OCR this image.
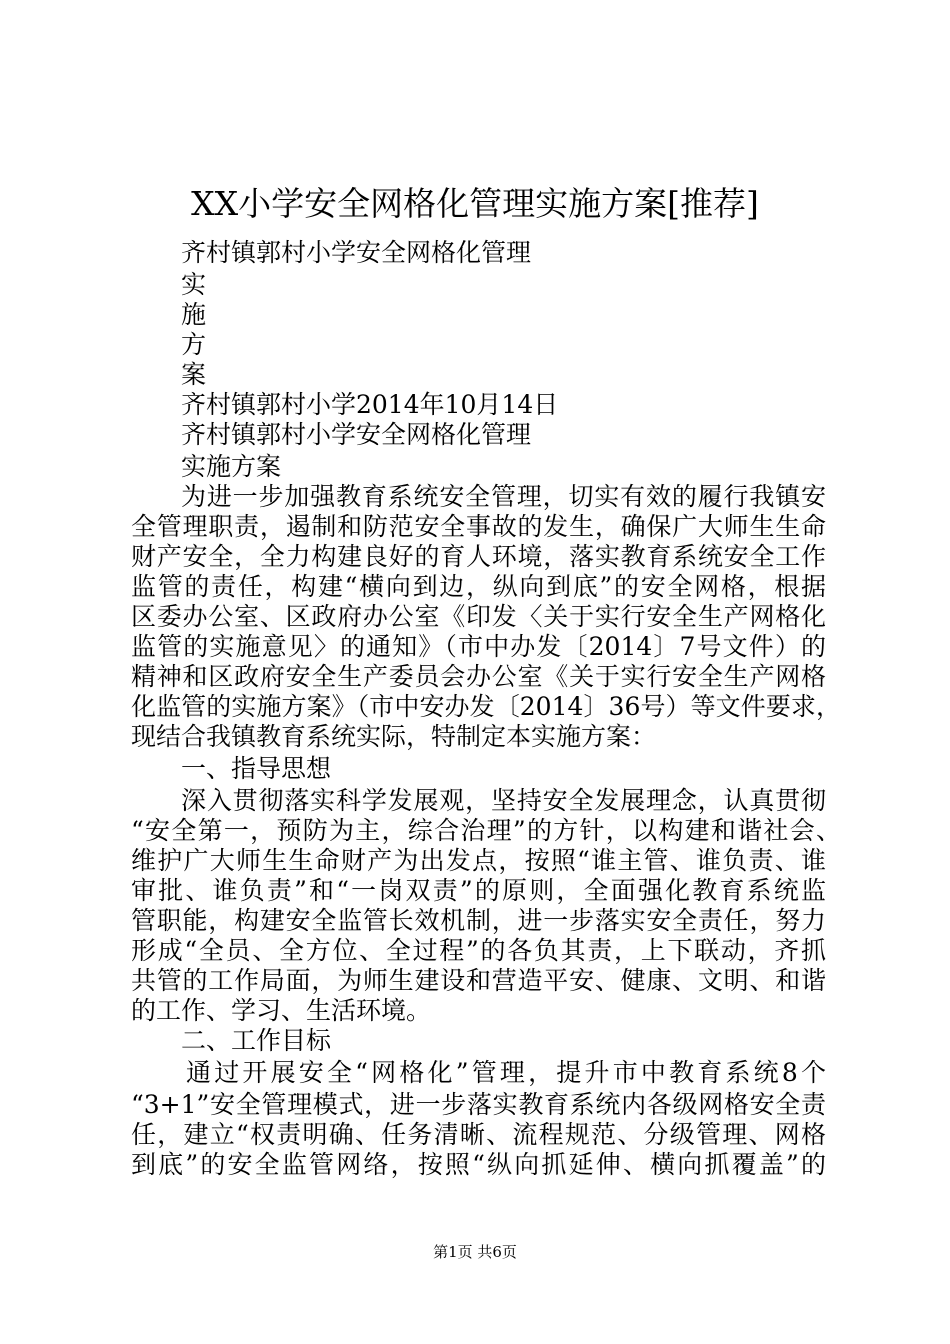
XX小学安全网格化管理实施方案[推荐]
齐村镇郭村小学安全网格化管理
实
施
方
案
齐村镇郭村小学2014年10月14日
齐村镇郭村小学安全网格化管理
实施方案
为进一步加强教育系统安全管理，切实有效的履行我镇安
全管理职责，遏制和防范安全事故的发生，确保广大师生生命
财产安全，全力构建良好的育人环境，落实教育系统安全工作
监管的责任，构建“横向到边，纵向到底”的安全网格，根据
区委办公室、区政府办公室《印发〈关于实行安全生产网格化
监管的实施意见〉的通知》（市中办发〔2014〕7号文件）的
精神和区政府安全生产委员会办公室《关于实行安全生产网格
化监管的实施方案》（市中安办发〔2014〕36号）等文件要求，
现结合我镇教育系统实际，特制定本实施方案：
一、指导思想
深入贯彻落实科学发展观，坚持安全发展理念，认真贯彻
“安全第一，预防为主，综合治理”的方针，以构建和谐社会、
维护广大师生生命财产为出发点，按照“谁主管、谁负责、谁
审批、谁负责”和“一岗双责”的原则，全面强化教育系统监
管职能，构建安全监管长效机制，进一步落实安全责任，努力
形成“全员、全方位、全过程”的各负其责，上下联动，齐抓
共管的工作局面，为师生建设和营造平安、健康、文明、和谐
的工作、学习、生活环境。
二、工作目标
通过开展安全“网格化”管理，提升市中教育系统8个
“3+1”安全管理模式，进一步落实教育系统内各级网格安全责
任，建立“权责明确、任务清晰、流程规范、分级管理、网格
到底”的安全监管网络，按照“纵向抓延伸、横向抓覆盖”的
第1页 共6页
